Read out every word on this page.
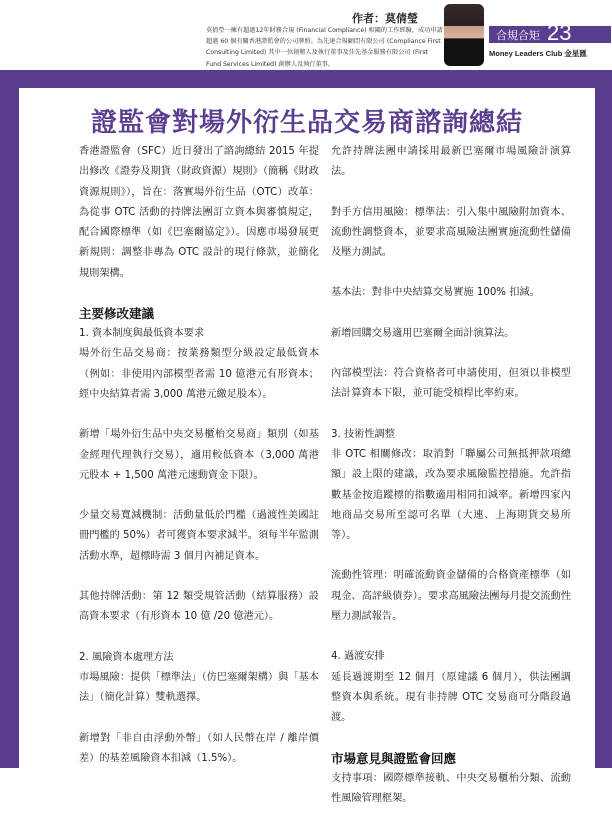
作者：莫倩瑩
莫倩瑩一擁有超過12年財務合規 (Financial Compliance) 相關的工作經驗，成功申請超過 60 個有關香港證監會的公司牌照。為先達合規顧問有限公司 (Compliance First Consulting Limited) 其中一位創辦人及執行董事及佳先基金服務有限公司 (First Fund Services Limited) 創辦人及執行董事。
合規合矩 23
Money Leaders Club 金星匯
證監會對場外衍生品交易商諮詢總結

香港證監會（SFC）近日發出了諮詢總結 2015 年提出修改《證券及期貨（財政資源）規則》（簡稱《財政資源規則》），旨在：落實場外衍生品（OTC）改革：為從事 OTC 活動的持牌法團訂立資本與審慎規定，配合國際標準（如《巴塞爾協定》）。因應市場發展更新規則：調整非專為 OTC 設計的現行條款，並簡化規則架構。

主要修改建議

1. 資本制度與最低資本要求
場外衍生品交易商：按業務類型分級設定最低資本（例如：非使用內部模型者需 10 億港元有形資本；經中央結算者需 3,000 萬港元繳足股本）。

新增「場外衍生品中央交易櫃枱交易商」類別（如基金經理代理執行交易），適用較低資本（3,000 萬港元股本 + 1,500 萬港元速動資金下限）。

少量交易寬減機制：活動量低於門檻（過渡性美國註冊門檻的 50%）者可獲資本要求減半。須每半年監測活動水準，超標時需 3 個月內補足資本。

其他持牌活動：第 12 類受規管活動（結算服務）設高資本要求（有形資本 10 億 /20 億港元）。

2. 風險資本處理方法
市場風險：提供「標準法」（仿巴塞爾架構）與「基本法」（簡化計算）雙軌選擇。

新增對「非自由浮動外幣」（如人民幣在岸 / 離岸價差）的基差風險資本扣減（1.5%）。

允許持牌法團申請採用最新巴塞爾市場風險計演算法。

對手方信用風險：標準法：引入集中風險附加資本、流動性調整資本，並要求高風險法團實施流動性儲備及壓力測試。

基本法：對非中央結算交易實施 100% 扣減。

新增回購交易適用巴塞爾全面計演算法。

內部模型法：符合資格者可申請使用，但須以非模型法計算資本下限，並可能受槓桿比率約束。

3. 技術性調整
非 OTC 相關修改：取消對「聯屬公司無抵押款項總額」設上限的建議，改為要求風險監控措施。允許指數基金按追蹤標的指數適用相同扣減率。新增四家內地商品交易所至認可名單（大連、上海期貨交易所等）。

流動性管理：明確流動資金儲備的合格資產標準（如現金、高評級債券）。要求高風險法團每月提交流動性壓力測試報告。

4. 過渡安排
延長過渡期至 12 個月（原建議 6 個月），供法團調整資本與系統。現有非持牌 OTC 交易商可分階段過渡。

市場意見與證監會回應

支持事項：國際標準接軌、中央交易櫃枱分類、流動性風險管理框架。
